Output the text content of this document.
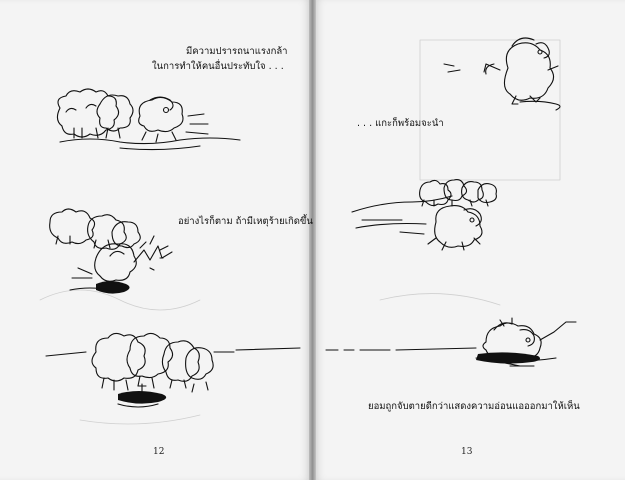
มีความปรารถนาแรงกล้า
ในการทำให้คนอื่นประทับใจ . . .
อย่างไรก็ตาม ถ้ามีเหตุร้ายเกิดขึ้น
12
. . . แกะก็พร้อมจะนำ
ยอมถูกจับตายดีกว่าแสดงความอ่อนแอออกมาให้เห็น
13
